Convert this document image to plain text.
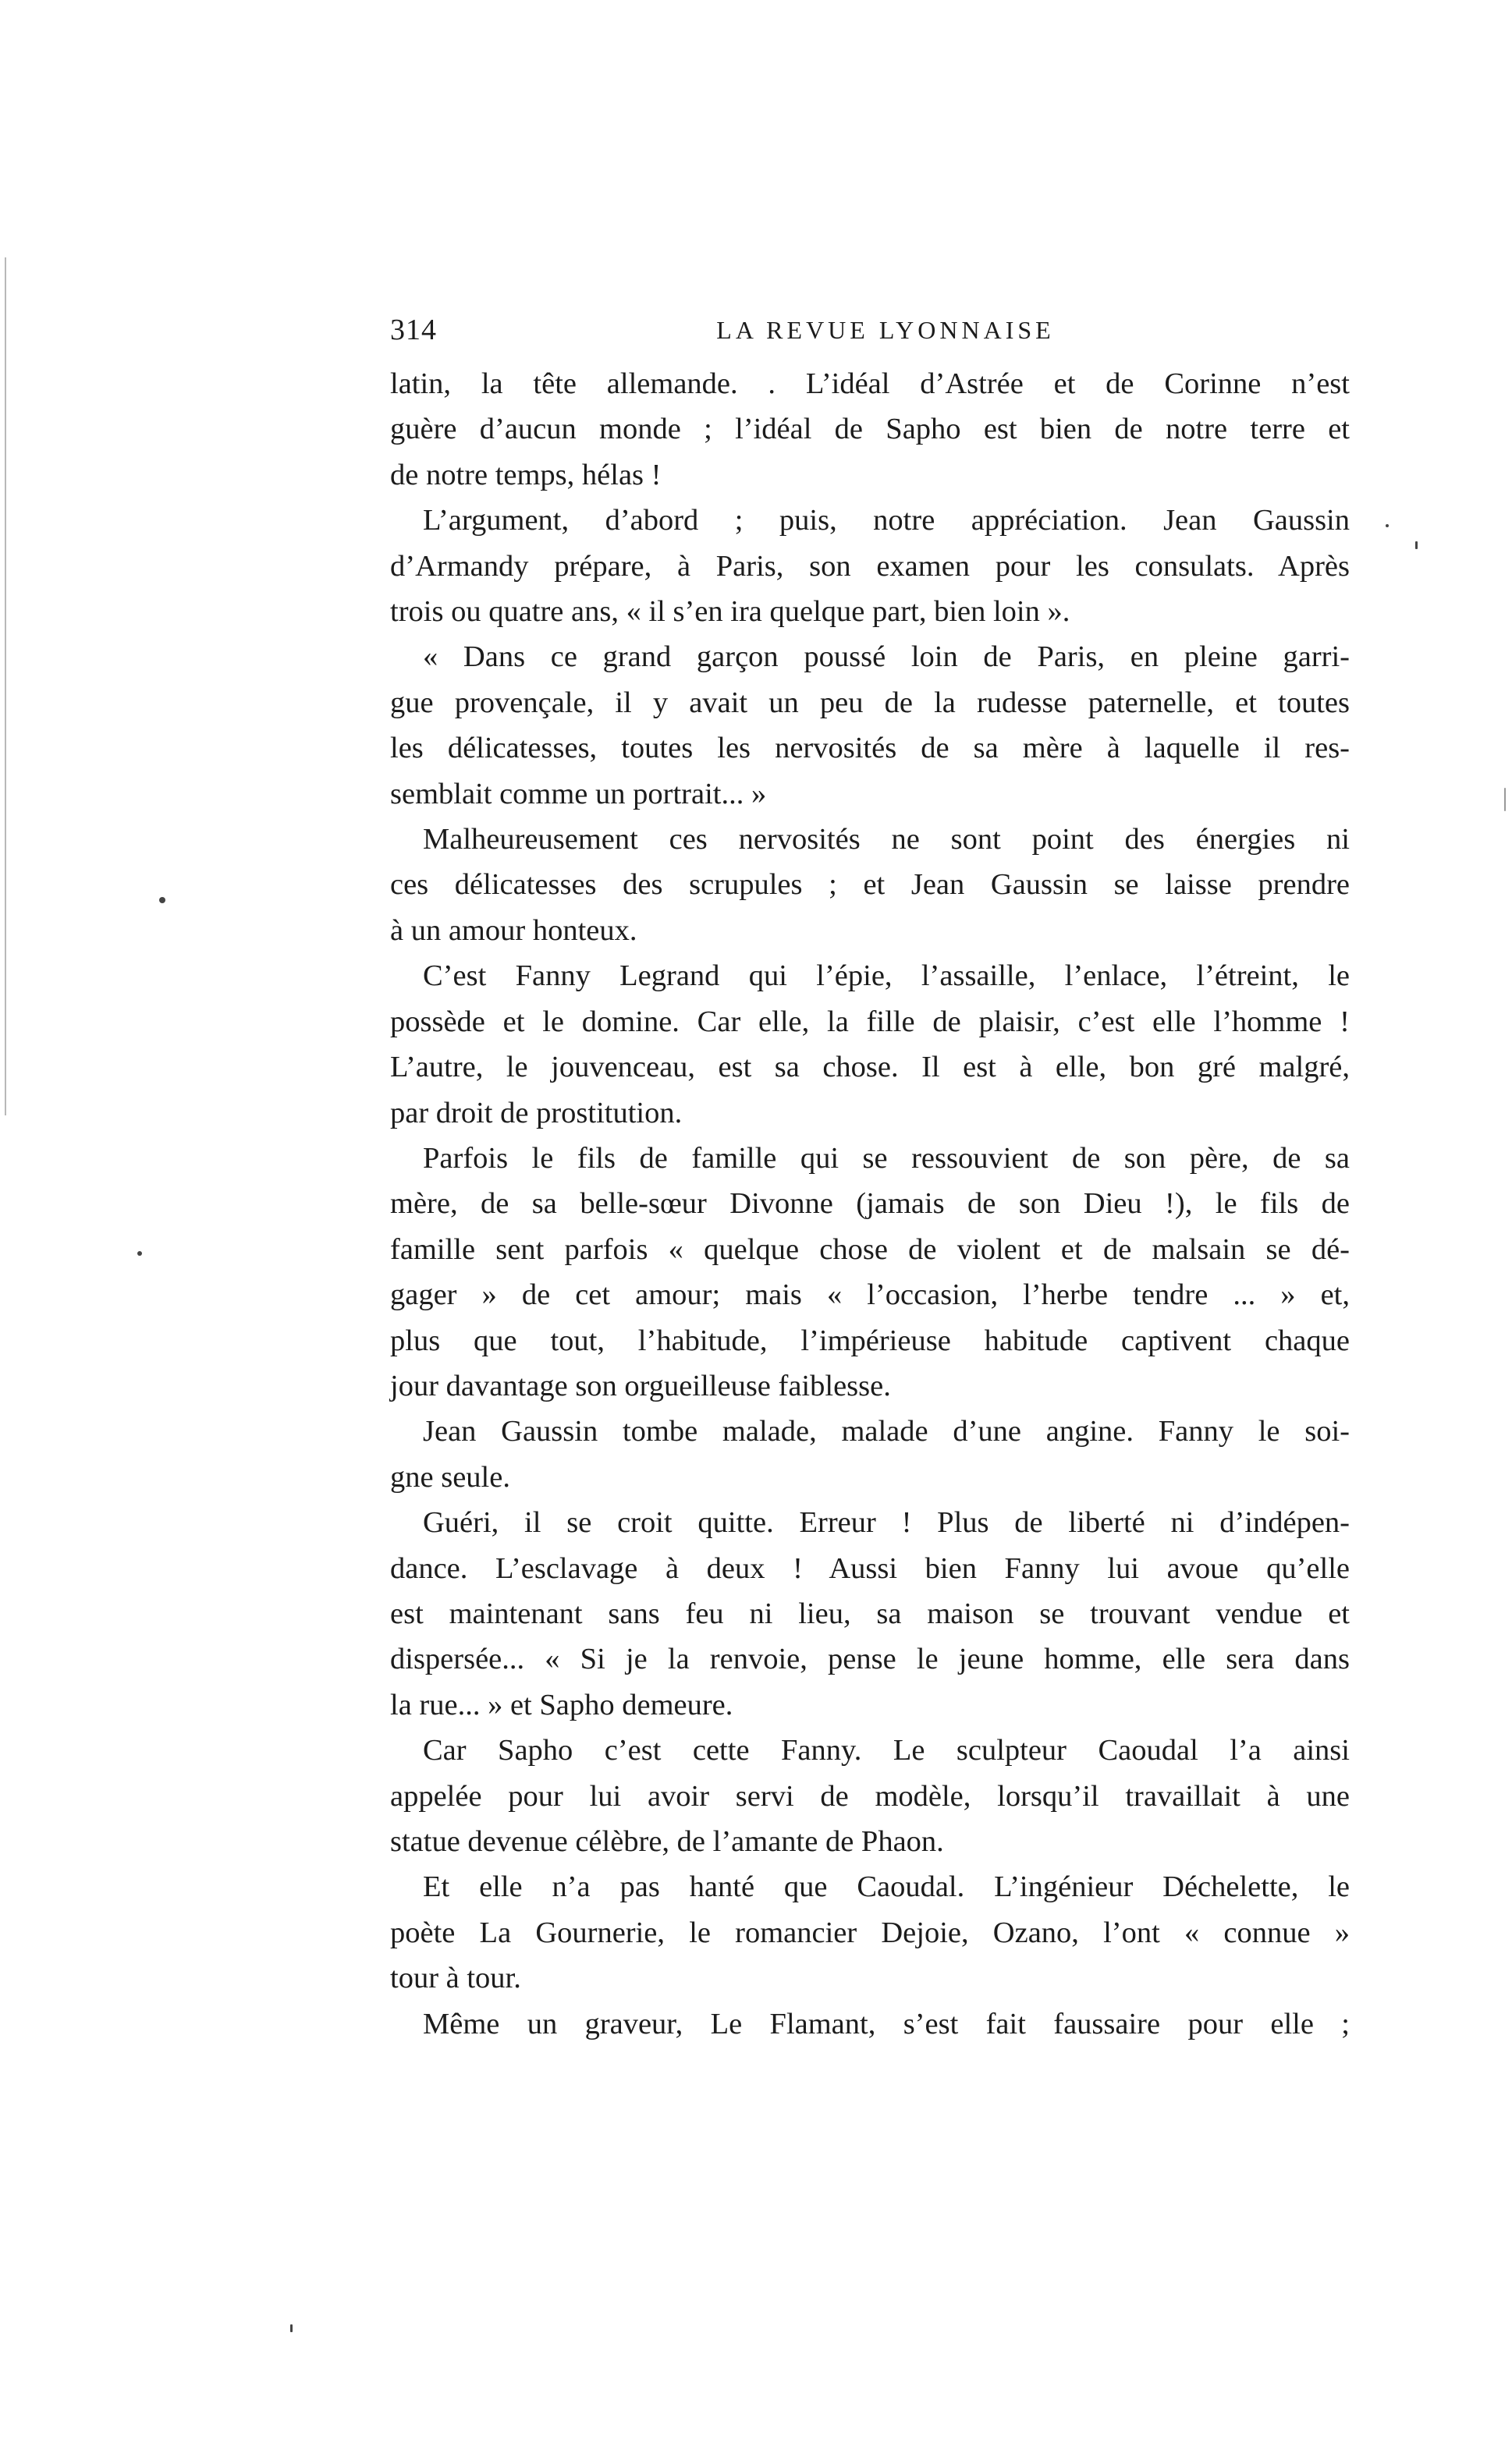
314	LA REVUE LYONNAISE

latin, la tête allemande. . L’idéal d’Astrée et de Corinne n’est

guère d’aucun monde ; l’idéal de Sapho est bien de notre terre et

de notre temps, hélas !

L’argument, d’abord ; puis, notre appréciation. Jean Gaussin

d’Armandy prépare, à Paris, son examen pour les consulats. Après

trois ou quatre ans, « il s’en ira quelque part, bien loin ».

« Dans ce grand garçon poussé loin de Paris, en pleine garri-

gue provençale, il y avait un peu de la rudesse paternelle, et toutes

les délicatesses, toutes les nervosités de sa mère à laquelle il res-

semblait comme un portrait... »

Malheureusement ces nervosités ne sont point des énergies ni

ces délicatesses des scrupules ; et Jean Gaussin se laisse prendre

à un amour honteux.

C’est Fanny Legrand qui l’épie, l’assaille, l’enlace, l’étreint, le

possède et le domine. Car elle, la fille de plaisir, c’est elle l’homme !

L’autre, le jouvenceau, est sa chose. Il est à elle, bon gré malgré,

par droit de prostitution.

Parfois le fils de famille qui se ressouvient de son père, de sa

mère, de sa belle-sœur Divonne (jamais de son Dieu !), le fils de

famille sent parfois « quelque chose de violent et de malsain se dé-

gager » de cet amour; mais « l’occasion, l’herbe tendre ... » et,

plus que tout, l’habitude, l’impérieuse habitude captivent chaque

jour davantage son orgueilleuse faiblesse.

Jean Gaussin tombe malade, malade d’une angine. Fanny le soi-

gne seule.

Guéri, il se croit quitte. Erreur ! Plus de liberté ni d’indépen-

dance. L’esclavage à deux ! Aussi bien Fanny lui avoue qu’elle

est maintenant sans feu ni lieu, sa maison se trouvant vendue et

dispersée... « Si je la renvoie, pense le jeune homme, elle sera dans

la rue... » et Sapho demeure.

Car Sapho c’est cette Fanny. Le sculpteur Caoudal l’a ainsi

appelée pour lui avoir servi de modèle, lorsqu’il travaillait à une

statue devenue célèbre, de l’amante de Phaon.

Et elle n’a pas hanté que Caoudal. L’ingénieur Déchelette, le

poète La Gournerie, le romancier Dejoie, Ozano, l’ont « connue »

tour à tour.

Même un graveur, Le Flamant, s’est fait faussaire pour elle ;
